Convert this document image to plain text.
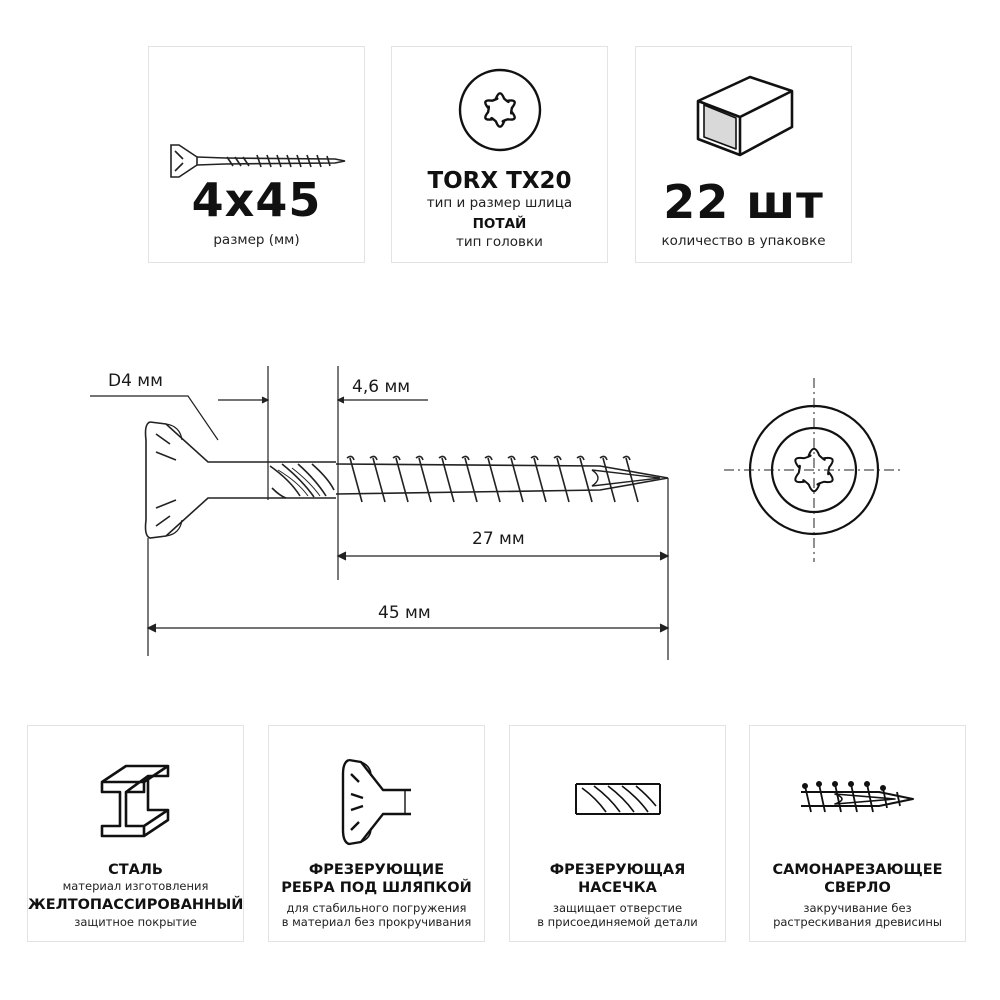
4x45
размер (мм)
TORX TX20
тип и размер шлица
ПОТАЙ
тип головки
22 шт
количество в упаковке
D4 мм	4,6 мм
27 мм
45 мм
СТАЛЬ
материал изготовления
ЖЕЛТОПАССИРОВАННЫЙ
защитное покрытие
ФРЕЗЕРУЮЩИЕ
РЕБРА ПОД ШЛЯПКОЙ
для стабильного погружения
в материал без прокручивания
ФРЕЗЕРУЮЩАЯ
НАСЕЧКА
защищает отверстие
в присоединяемой детали
САМОНАРЕЗАЮЩЕЕ
СВЕРЛО
закручивание без
растрескивания древисины
